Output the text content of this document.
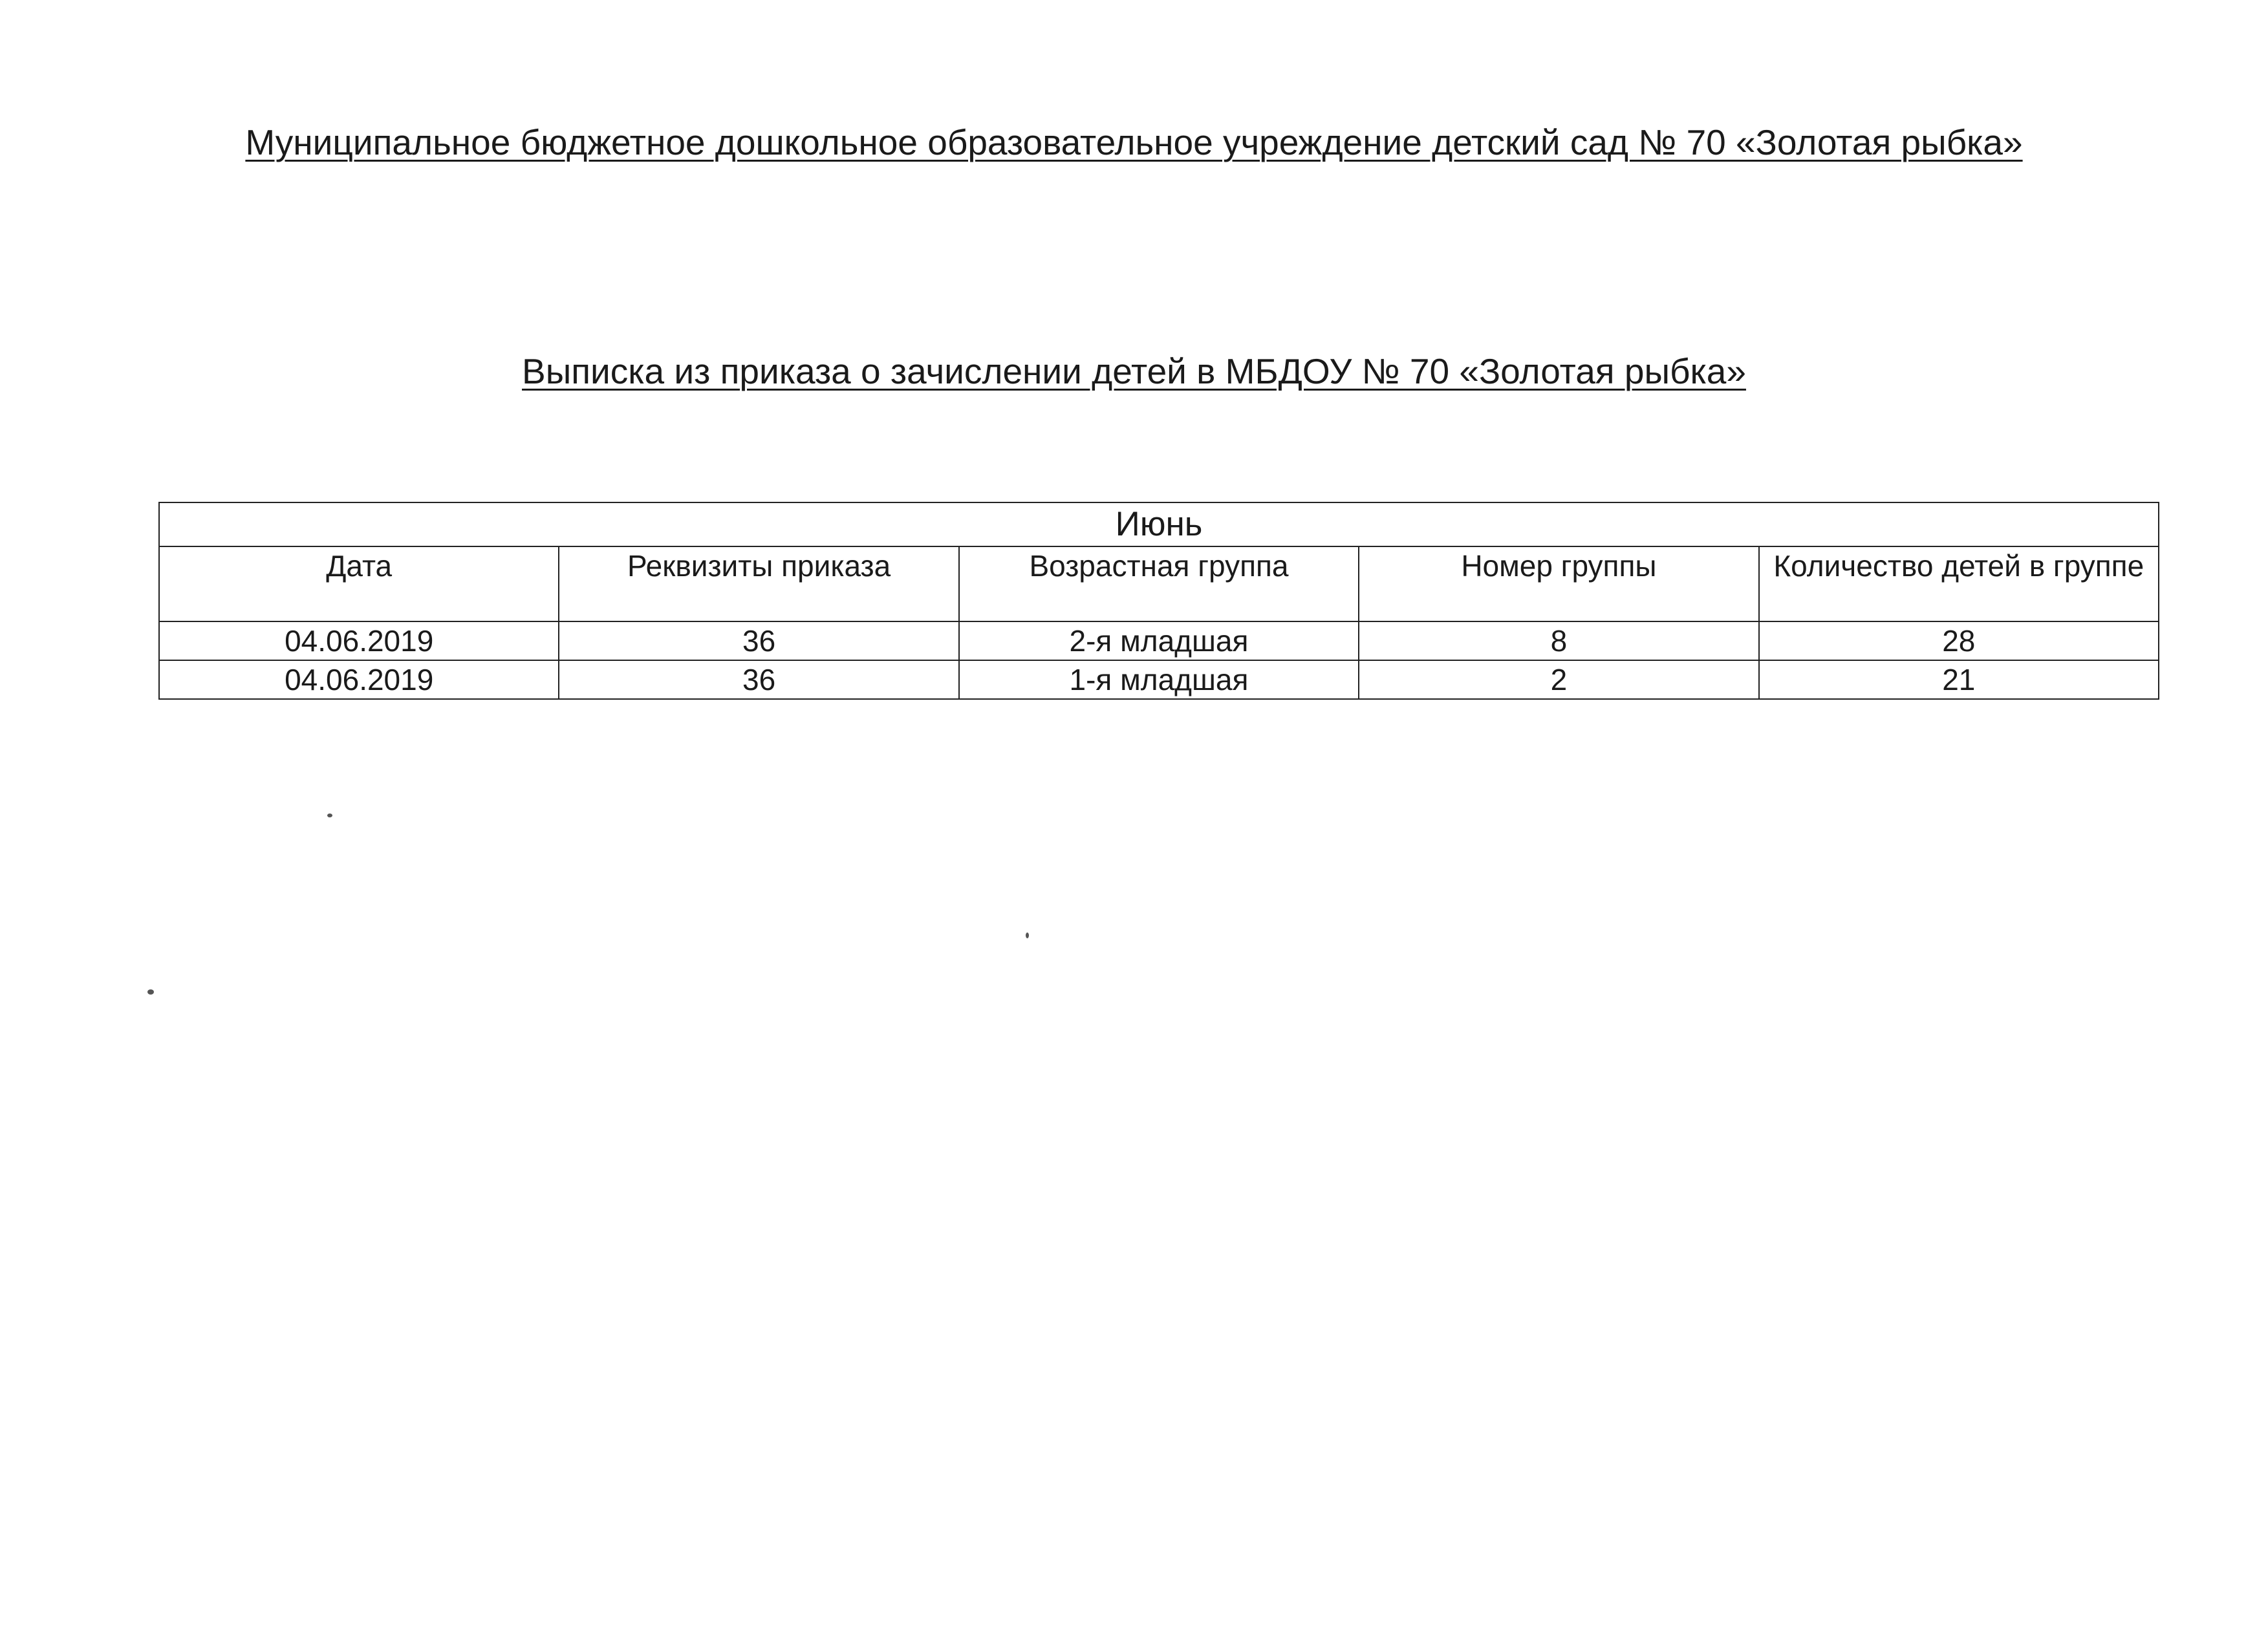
Муниципальное бюджетное дошкольное образовательное учреждение детский сад № 70 «Золотая рыбка»
Выписка из приказа о зачислении детей в МБДОУ № 70 «Золотая рыбка»
Июнь				
Дата	Реквизиты приказа	Возрастная группа	Номер группы	Количество детей в группе
04.06.2019	36	2-я младшая	8	28
04.06.2019	36	1-я младшая	2	21
